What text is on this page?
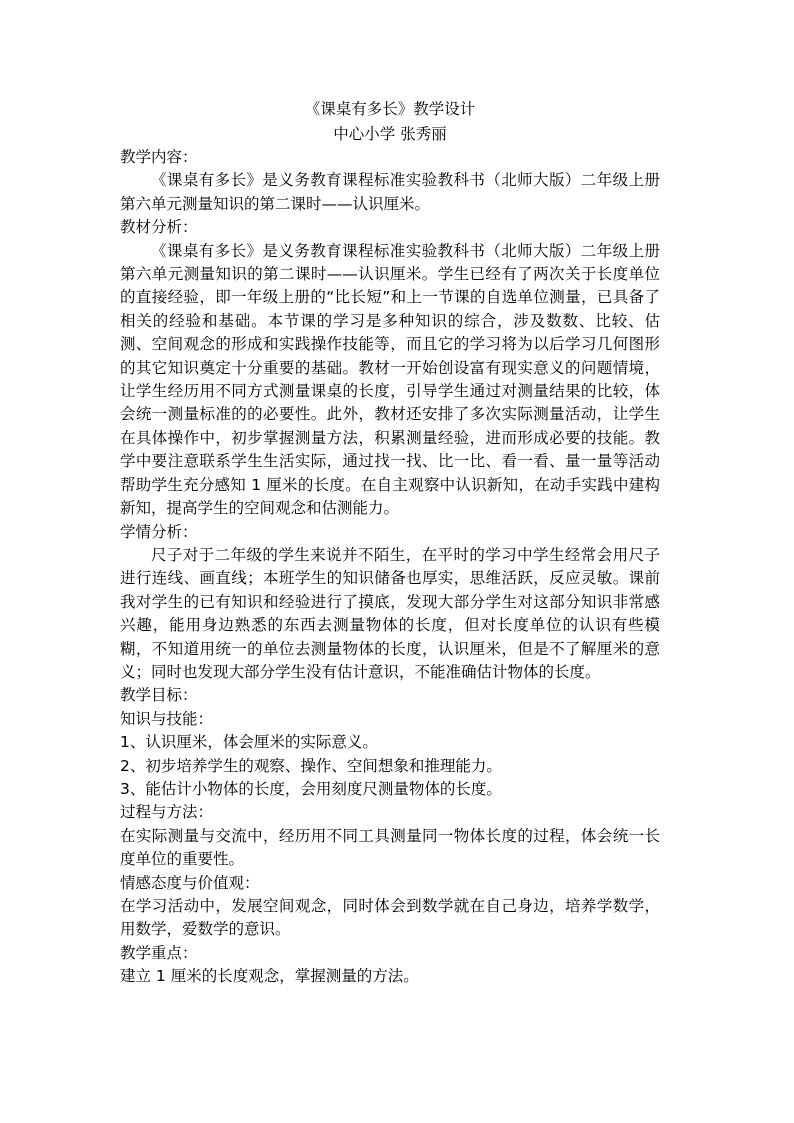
《课桌有多长》教学设计

中心小学 张秀丽

教学内容：

《课桌有多长》是义务教育课程标准实验教科书（北师大版）二年级上册第六单元测量知识的第二课时——认识厘米。

教材分析：

《课桌有多长》是义务教育课程标准实验教科书（北师大版）二年级上册第六单元测量知识的第二课时——认识厘米。学生已经有了两次关于长度单位的直接经验，即一年级上册的“比长短”和上一节课的自选单位测量，已具备了相关的经验和基础。本节课的学习是多种知识的综合，涉及数数、比较、估测、空间观念的形成和实践操作技能等，而且它的学习将为以后学习几何图形的其它知识奠定十分重要的基础。教材一开始创设富有现实意义的问题情境，让学生经历用不同方式测量课桌的长度，引导学生通过对测量结果的比较，体会统一测量标准的的必要性。此外，教材还安排了多次实际测量活动，让学生在具体操作中，初步掌握测量方法，积累测量经验，进而形成必要的技能。教学中要注意联系学生生活实际，通过找一找、比一比、看一看、量一量等活动帮助学生充分感知 1 厘米的长度。在自主观察中认识新知，在动手实践中建构新知，提高学生的空间观念和估测能力。

学情分析：

尺子对于二年级的学生来说并不陌生，在平时的学习中学生经常会用尺子进行连线、画直线；本班学生的知识储备也厚实，思维活跃，反应灵敏。课前我对学生的已有知识和经验进行了摸底，发现大部分学生对这部分知识非常感兴趣，能用身边熟悉的东西去测量物体的长度，但对长度单位的认识有些模糊，不知道用统一的单位去测量物体的长度，认识厘米，但是不了解厘米的意义；同时也发现大部分学生没有估计意识，不能准确估计物体的长度。

教学目标：

知识与技能：

1、认识厘米，体会厘米的实际意义。

2、初步培养学生的观察、操作、空间想象和推理能力。

3、能估计小物体的长度，会用刻度尺测量物体的长度。

过程与方法：

在实际测量与交流中，经历用不同工具测量同一物体长度的过程，体会统一长度单位的重要性。

情感态度与价值观：

在学习活动中，发展空间观念，同时体会到数学就在自己身边，培养学数学，用数学，爱数学的意识。

教学重点：

建立 1 厘米的长度观念，掌握测量的方法。
